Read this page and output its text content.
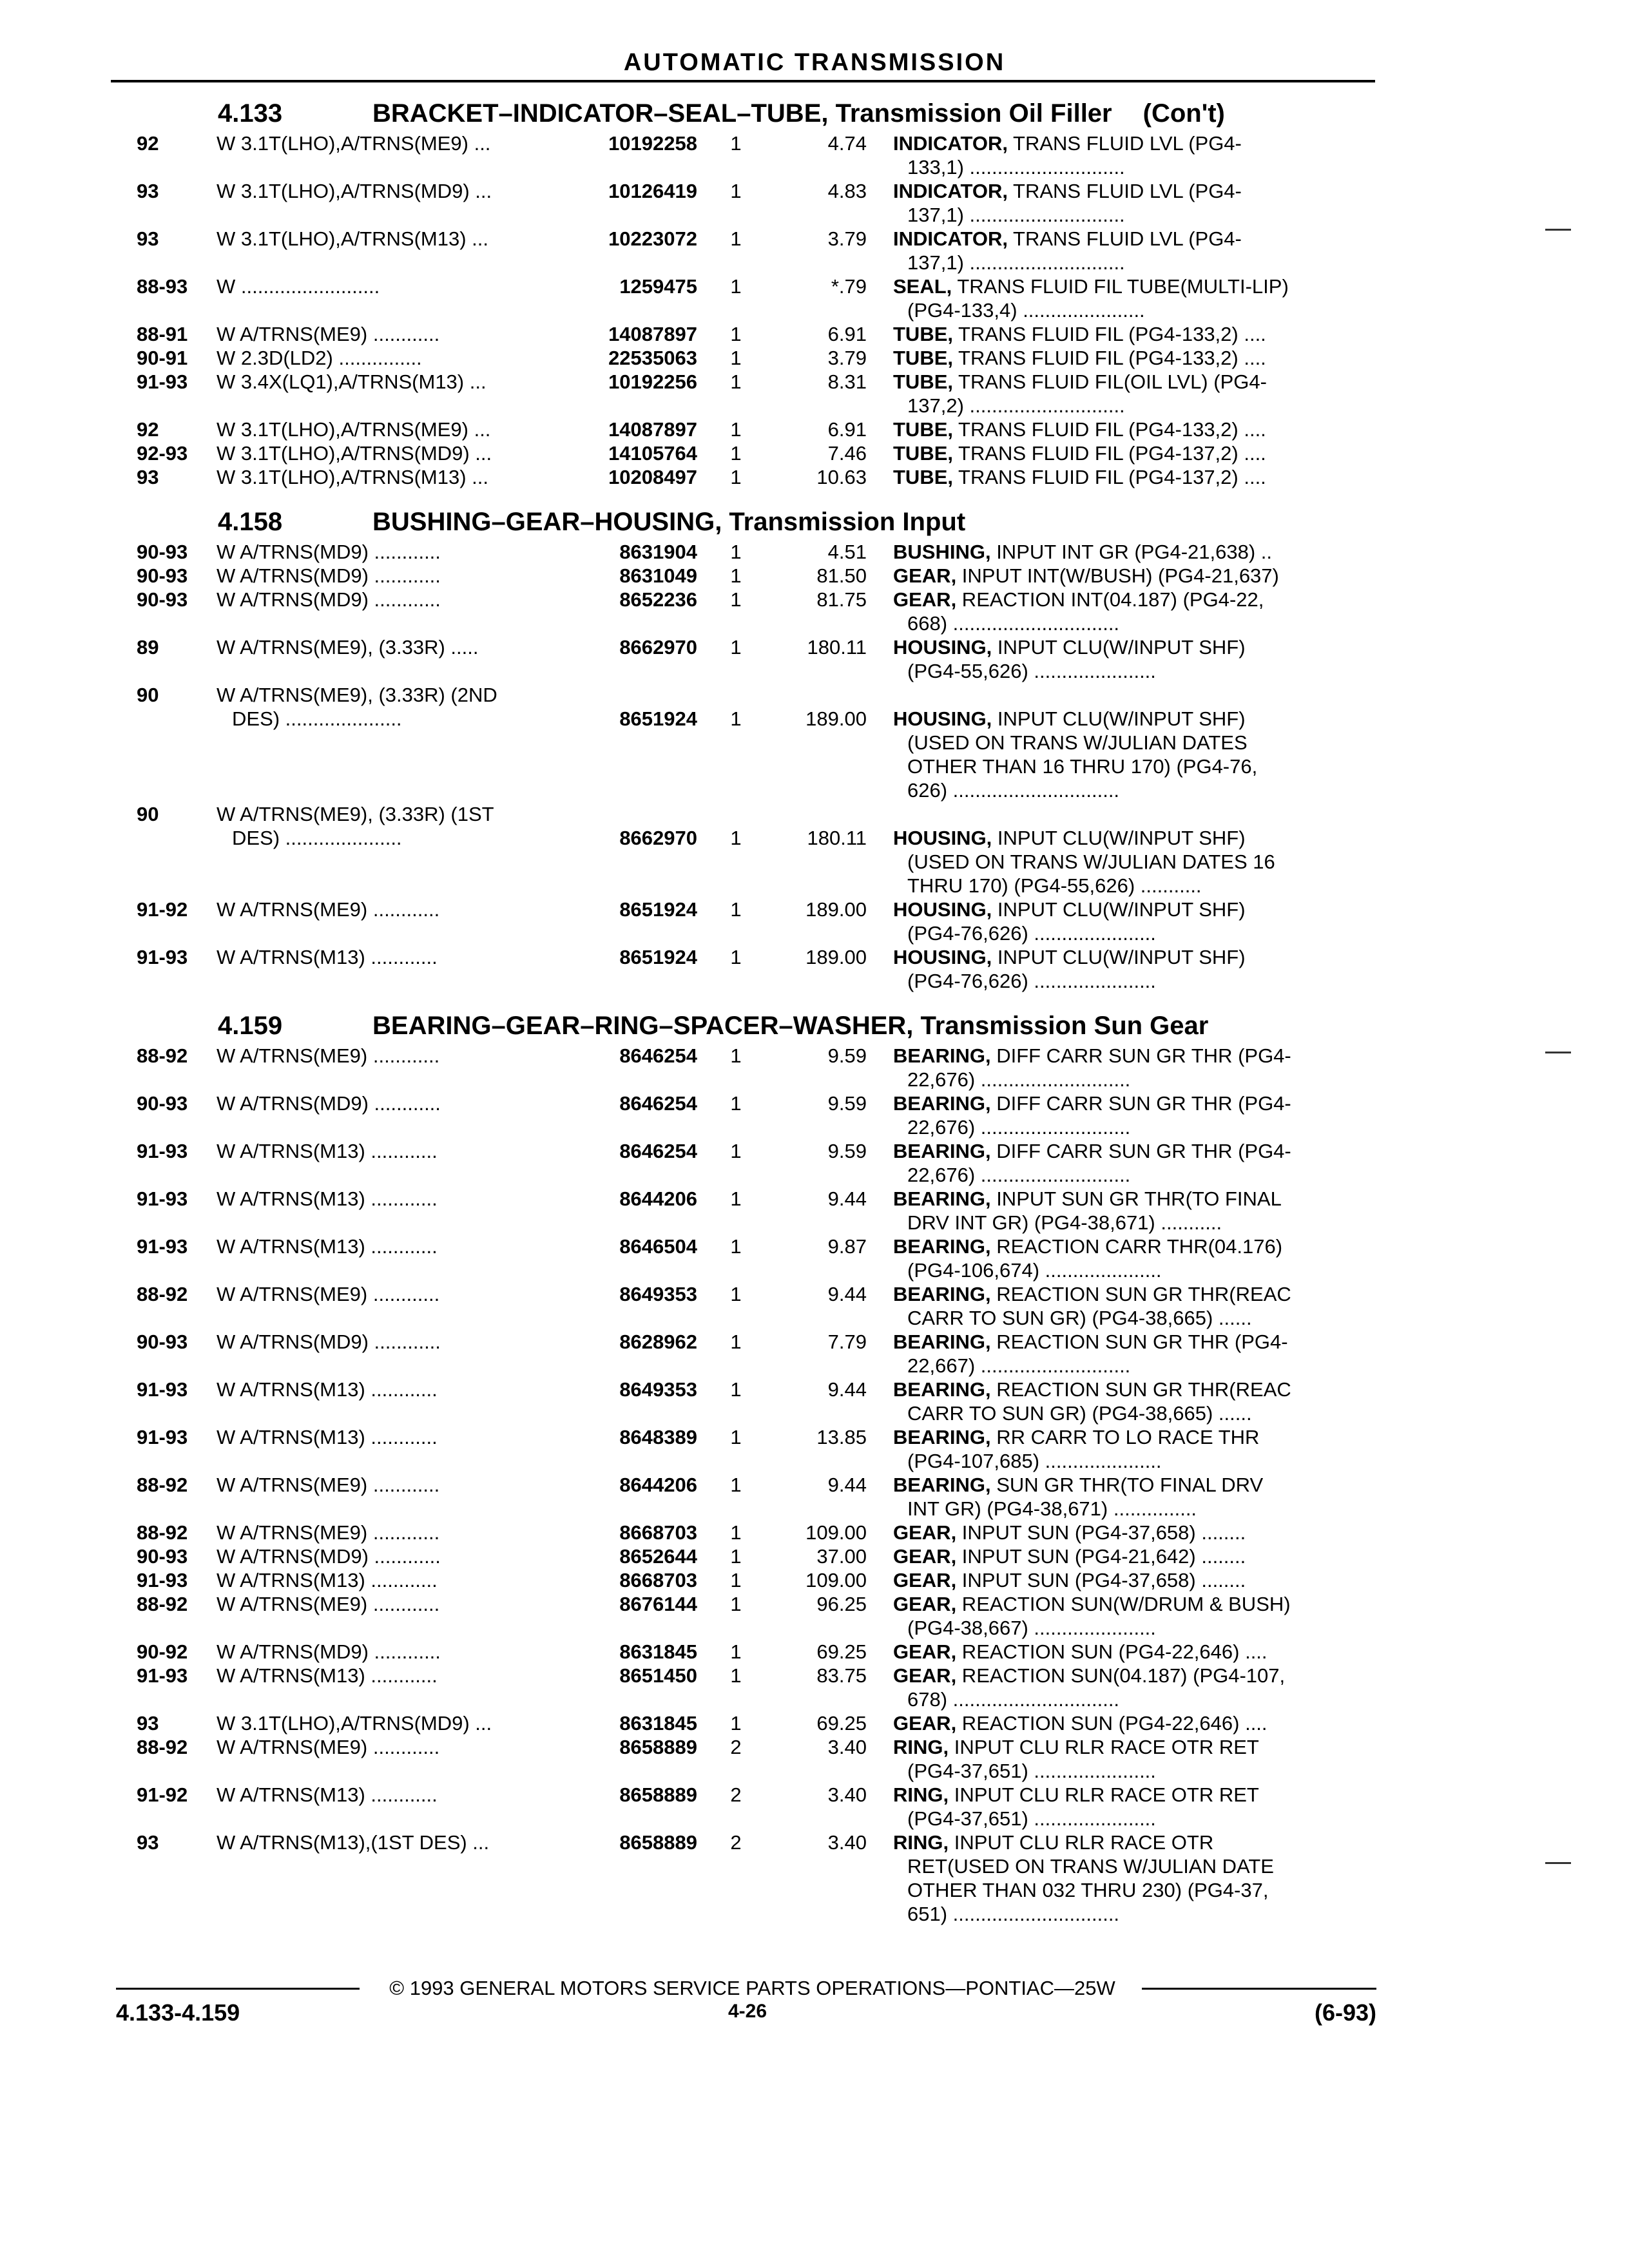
AUTOMATIC TRANSMISSION
4.133	BRACKET–INDICATOR–SEAL–TUBE, Transmission Oil Filler (Con't)
92	W 3.1T(LHO),A/TRNS(ME9) ...	10192258	1	4.74 INDICATOR, TRANS FLUID LVL (PG4-
133,1) ............................
93	W 3.1T(LHO),A/TRNS(MD9) ...	10126419	1	4.83 INDICATOR, TRANS FLUID LVL (PG4-
137,1) ............................
93	W 3.1T(LHO),A/TRNS(M13) ...	10223072	1	3.79 INDICATOR, TRANS FLUID LVL (PG4-
137,1) ............................
88-93 W .........................	1259475	1	*.79 SEAL, TRANS FLUID FIL TUBE(MULTI-LIP)
(PG4-133,4) ......................
88-91 W A/TRNS(ME9) ............	14087897	1	6.91 TUBE, TRANS FLUID FIL (PG4-133,2) ....
90-91 W 2.3D(LD2) ...............	22535063	1	3.79 TUBE, TRANS FLUID FIL (PG4-133,2) ....
91-93 W 3.4X(LQ1),A/TRNS(M13) ...	10192256	1	8.31 TUBE, TRANS FLUID FIL(OIL LVL) (PG4-
137,2) ............................
92	W 3.1T(LHO),A/TRNS(ME9) ...	14087897	1	6.91 TUBE, TRANS FLUID FIL (PG4-133,2) ....
92-93 W 3.1T(LHO),A/TRNS(MD9) ...	14105764	1	7.46 TUBE, TRANS FLUID FIL (PG4-137,2) ....
93	W 3.1T(LHO),A/TRNS(M13) ...	10208497	1	10.63 TUBE, TRANS FLUID FIL (PG4-137,2) ....
4.158	BUSHING–GEAR–HOUSING, Transmission Input
90-93 W A/TRNS(MD9) ............	8631904	1	4.51 BUSHING, INPUT INT GR (PG4-21,638) ..
90-93 W A/TRNS(MD9) ............	8631049	1	81.50 GEAR, INPUT INT(W/BUSH) (PG4-21,637)
90-93 W A/TRNS(MD9) ............	8652236	1	81.75 GEAR, REACTION INT(04.187) (PG4-22,
668) ..............................
89	W A/TRNS(ME9), (3.33R) .....	8662970	1	180.11 HOUSING, INPUT CLU(W/INPUT SHF)
(PG4-55,626) ......................
90	W A/TRNS(ME9), (3.33R) (2ND
DES) .....................	8651924	1	189.00 HOUSING, INPUT CLU(W/INPUT SHF)
(USED ON TRANS W/JULIAN DATES
OTHER THAN 16 THRU 170) (PG4-76,
626) ..............................
90	W A/TRNS(ME9), (3.33R) (1ST
DES) .....................	8662970	1	180.11 HOUSING, INPUT CLU(W/INPUT SHF)
(USED ON TRANS W/JULIAN DATES 16
THRU 170) (PG4-55,626) ...........
91-92 W A/TRNS(ME9) ............	8651924	1	189.00 HOUSING, INPUT CLU(W/INPUT SHF)
(PG4-76,626) ......................
91-93 W A/TRNS(M13) ............	8651924	1	189.00 HOUSING, INPUT CLU(W/INPUT SHF)
(PG4-76,626) ......................
4.159	BEARING–GEAR–RING–SPACER–WASHER, Transmission Sun Gear
88-92 W A/TRNS(ME9) ............	8646254	1	9.59 BEARING, DIFF CARR SUN GR THR (PG4-
22,676) ...........................
90-93 W A/TRNS(MD9) ............	8646254	1	9.59 BEARING, DIFF CARR SUN GR THR (PG4-
22,676) ...........................
91-93 W A/TRNS(M13) ............	8646254	1	9.59 BEARING, DIFF CARR SUN GR THR (PG4-
22,676) ...........................
91-93 W A/TRNS(M13) ............	8644206	1	9.44 BEARING, INPUT SUN GR THR(TO FINAL
DRV INT GR) (PG4-38,671) ...........
91-93 W A/TRNS(M13) ............	8646504	1	9.87 BEARING, REACTION CARR THR(04.176)
(PG4-106,674) .....................
88-92 W A/TRNS(ME9) ............	8649353	1	9.44 BEARING, REACTION SUN GR THR(REAC
CARR TO SUN GR) (PG4-38,665) ......
90-93 W A/TRNS(MD9) ............	8628962	1	7.79 BEARING, REACTION SUN GR THR (PG4-
22,667) ...........................
91-93 W A/TRNS(M13) ............	8649353	1	9.44 BEARING, REACTION SUN GR THR(REAC
CARR TO SUN GR) (PG4-38,665) ......
91-93 W A/TRNS(M13) ............	8648389	1	13.85 BEARING, RR CARR TO LO RACE THR
(PG4-107,685) .....................
88-92 W A/TRNS(ME9) ............	8644206	1	9.44 BEARING, SUN GR THR(TO FINAL DRV
INT GR) (PG4-38,671) ...............
88-92 W A/TRNS(ME9) ............	8668703	1	109.00 GEAR, INPUT SUN (PG4-37,658) ........
90-93 W A/TRNS(MD9) ............	8652644	1	37.00 GEAR, INPUT SUN (PG4-21,642) ........
91-93 W A/TRNS(M13) ............	8668703	1	109.00 GEAR, INPUT SUN (PG4-37,658) ........
88-92 W A/TRNS(ME9) ............	8676144	1	96.25 GEAR, REACTION SUN(W/DRUM & BUSH)
(PG4-38,667) ......................
90-92 W A/TRNS(MD9) ............	8631845	1	69.25 GEAR, REACTION SUN (PG4-22,646) ....
91-93 W A/TRNS(M13) ............	8651450	1	83.75 GEAR, REACTION SUN(04.187) (PG4-107,
678) ..............................
93	W 3.1T(LHO),A/TRNS(MD9) ...	8631845	1	69.25 GEAR, REACTION SUN (PG4-22,646) ....
88-92 W A/TRNS(ME9) ............	8658889	2	3.40 RING, INPUT CLU RLR RACE OTR RET
(PG4-37,651) ......................
91-92 W A/TRNS(M13) ............	8658889	2	3.40 RING, INPUT CLU RLR RACE OTR RET
(PG4-37,651) ......................
93	W A/TRNS(M13),(1ST DES) ...	8658889	2	3.40 RING, INPUT CLU RLR RACE OTR
RET(USED ON TRANS W/JULIAN DATE
OTHER THAN 032 THRU 230) (PG4-37,
651) ..............................
© 1993 GENERAL MOTORS SERVICE PARTS OPERATIONS—PONTIAC—25W
4.133-4.159	4-26	(6-93)
